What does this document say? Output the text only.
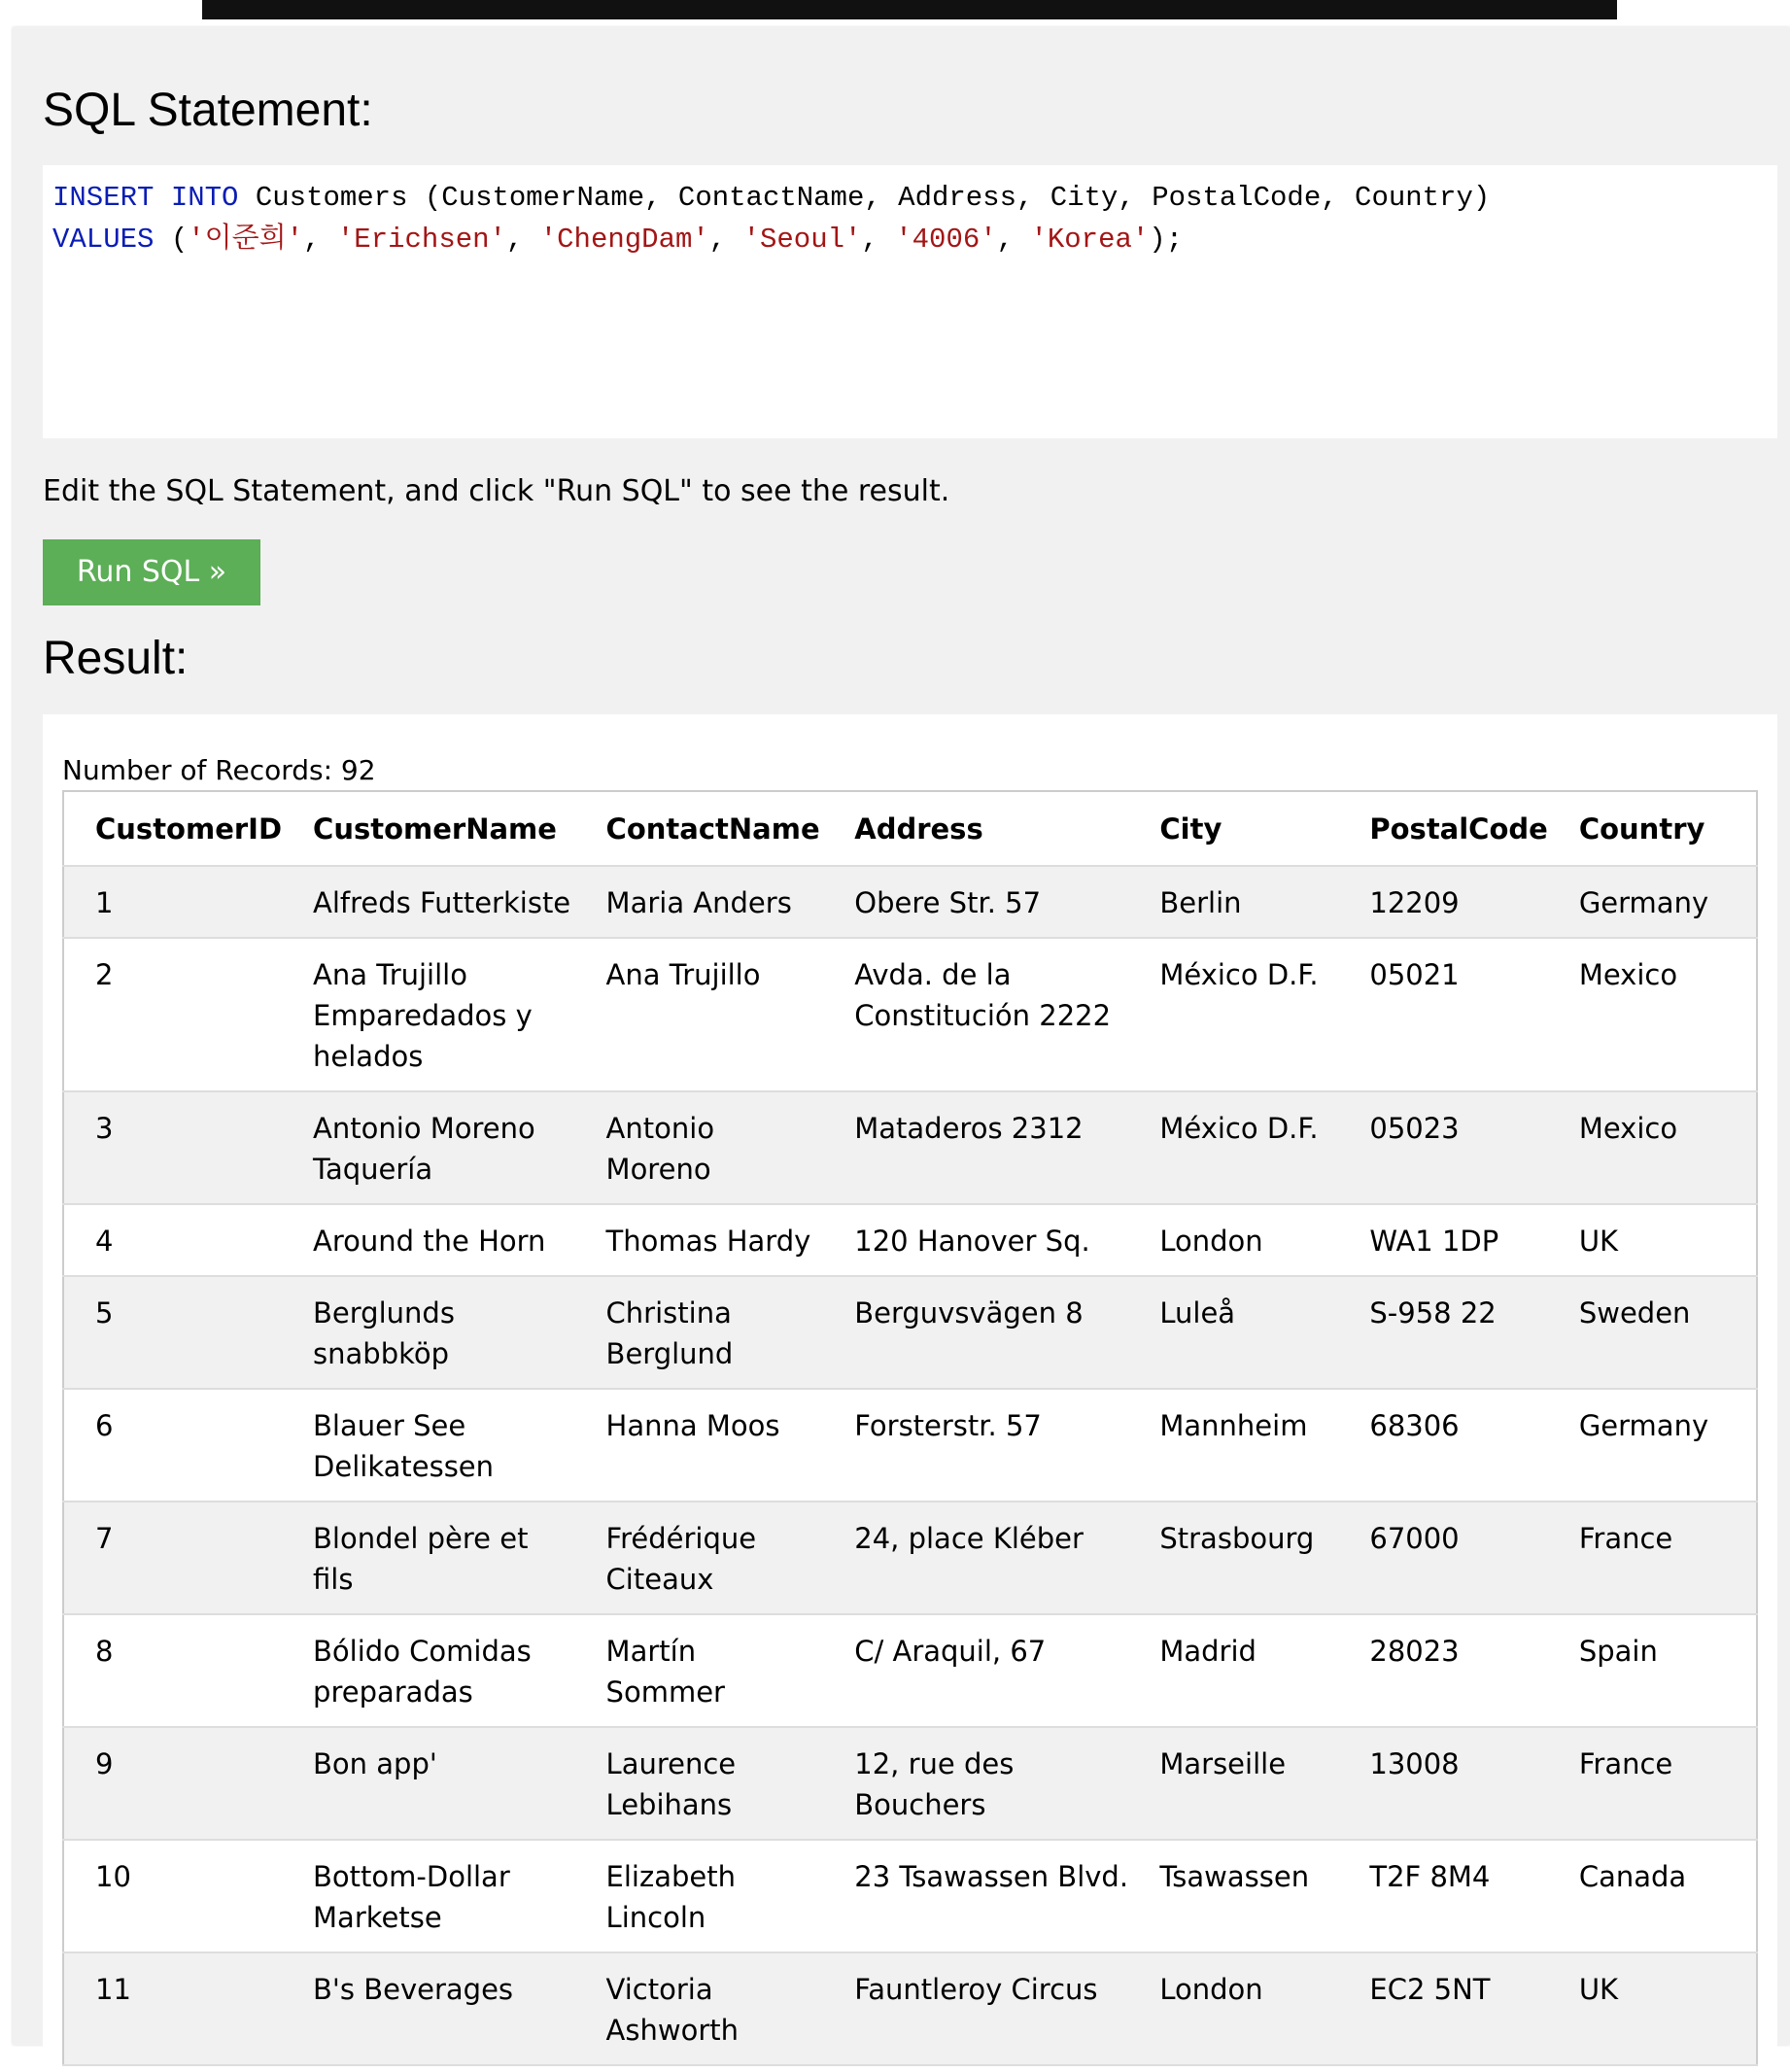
SQL Statement:
INSERT INTO Customers (CustomerName, ContactName, Address, City, PostalCode, Country)
VALUES ('이준희', 'Erichsen', 'ChengDam', 'Seoul', '4006', 'Korea');
Edit the SQL Statement, and click "Run SQL" to see the result.
Run SQL »
Result:
Number of Records: 92
CustomerID	CustomerName	ContactName	Address	City	PostalCode	Country
1	Alfreds Futterkiste	Maria Anders	Obere Str. 57	Berlin	12209	Germany
2	Ana Trujillo Emparedados y helados	Ana Trujillo	Avda. de la Constitución 2222	México D.F.	05021	Mexico
3	Antonio Moreno Taquería	Antonio Moreno	Mataderos 2312	México D.F.	05023	Mexico
4	Around the Horn	Thomas Hardy	120 Hanover Sq.	London	WA1 1DP	UK
5	Berglunds snabbköp	Christina Berglund	Berguvsvägen 8	Luleå	S-958 22	Sweden
6	Blauer See Delikatessen	Hanna Moos	Forsterstr. 57	Mannheim	68306	Germany
7	Blondel père et fils	Frédérique Citeaux	24, place Kléber	Strasbourg	67000	France
8	Bólido Comidas preparadas	Martín Sommer	C/ Araquil, 67	Madrid	28023	Spain
9	Bon app'	Laurence Lebihans	12, rue des Bouchers	Marseille	13008	France
10	Bottom-Dollar Marketse	Elizabeth Lincoln	23 Tsawassen Blvd.	Tsawassen	T2F 8M4	Canada
11	B's Beverages	Victoria Ashworth	Fauntleroy Circus	London	EC2 5NT	UK
